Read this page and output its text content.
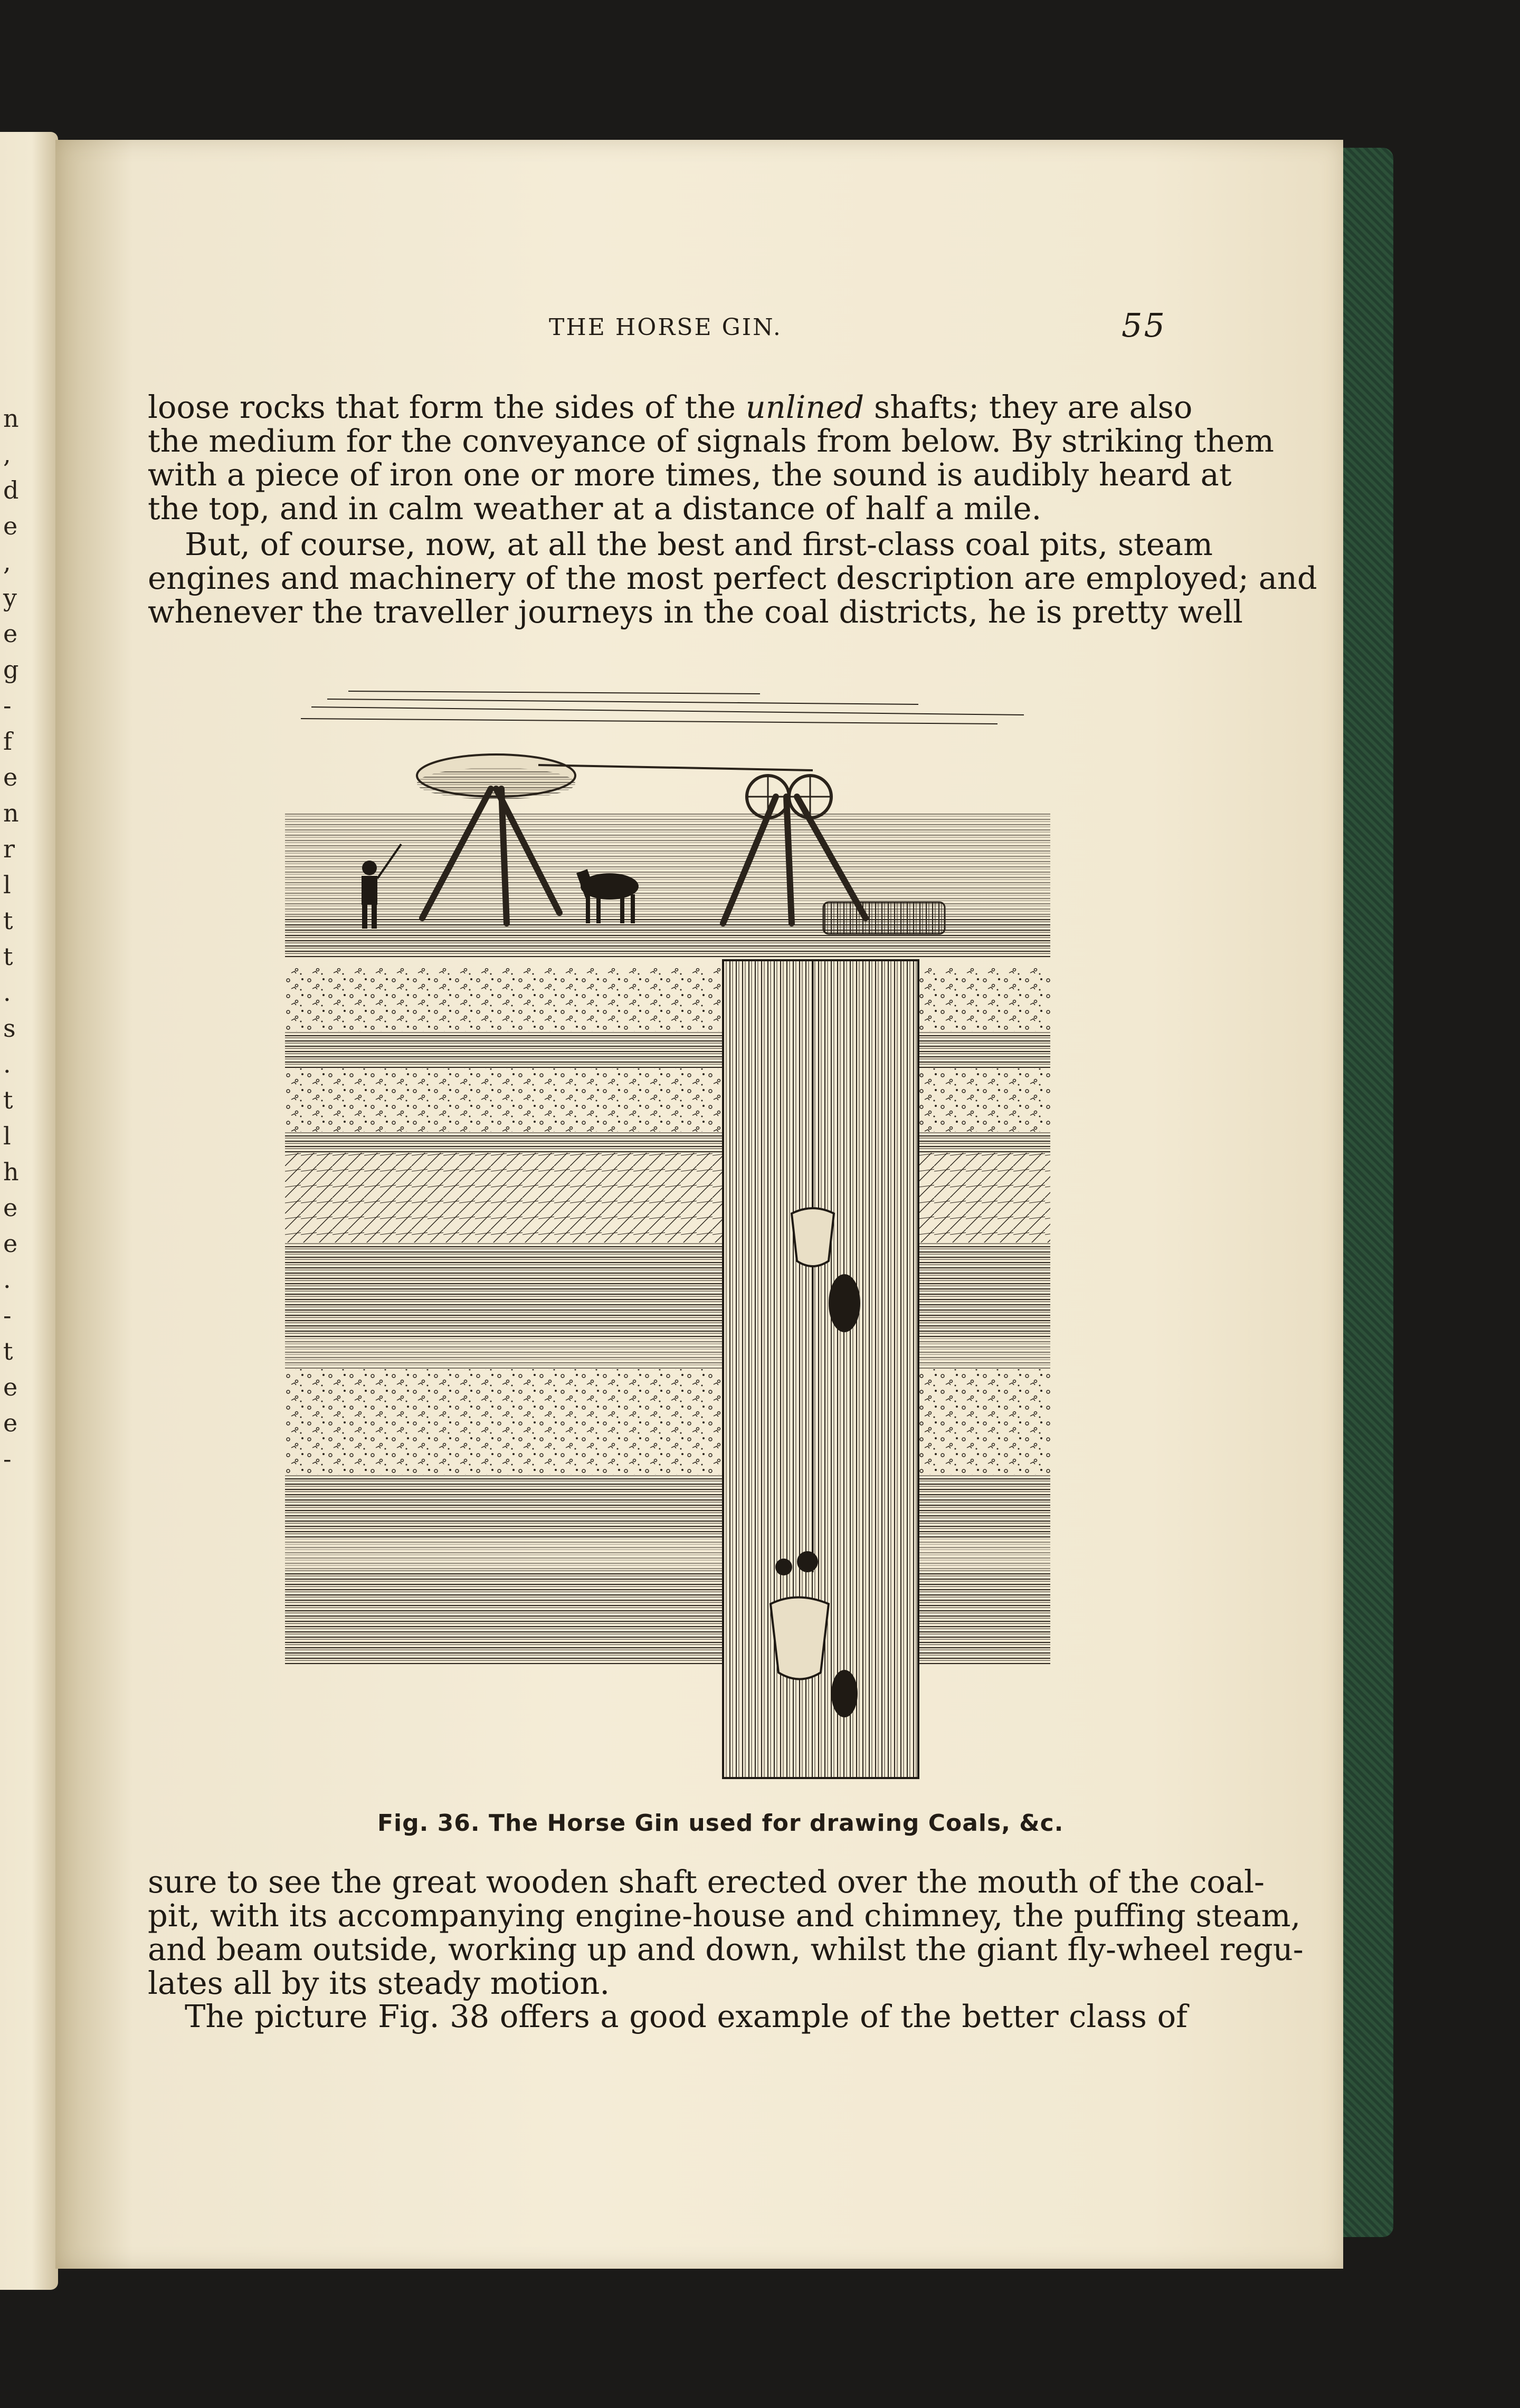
n
,
d
e
,
y
e
g
-
f
e
n
r
l
t
t
.
s
.
t
l
h
e
e
.
-
t
e
e
-
THE HORSE GIN.	55
loose rocks that form the sides of the unlined shafts; they are also
the medium for the conveyance of signals from below. By striking them
with a piece of iron one or more times, the sound is audibly heard at
the top, and in calm weather at a distance of half a mile.
But, of course, now, at all the best and first-class coal pits, steam
engines and machinery of the most perfect description are employed; and
whenever the traveller journeys in the coal districts, he is pretty well
Fig. 36. The Horse Gin used for drawing Coals, &c.
sure to see the great wooden shaft erected over the mouth of the coal-
pit, with its accompanying engine-house and chimney, the puffing steam,
and beam outside, working up and down, whilst the giant fly-wheel regu-
lates all by its steady motion.
The picture Fig. 38 offers a good example of the better class of
